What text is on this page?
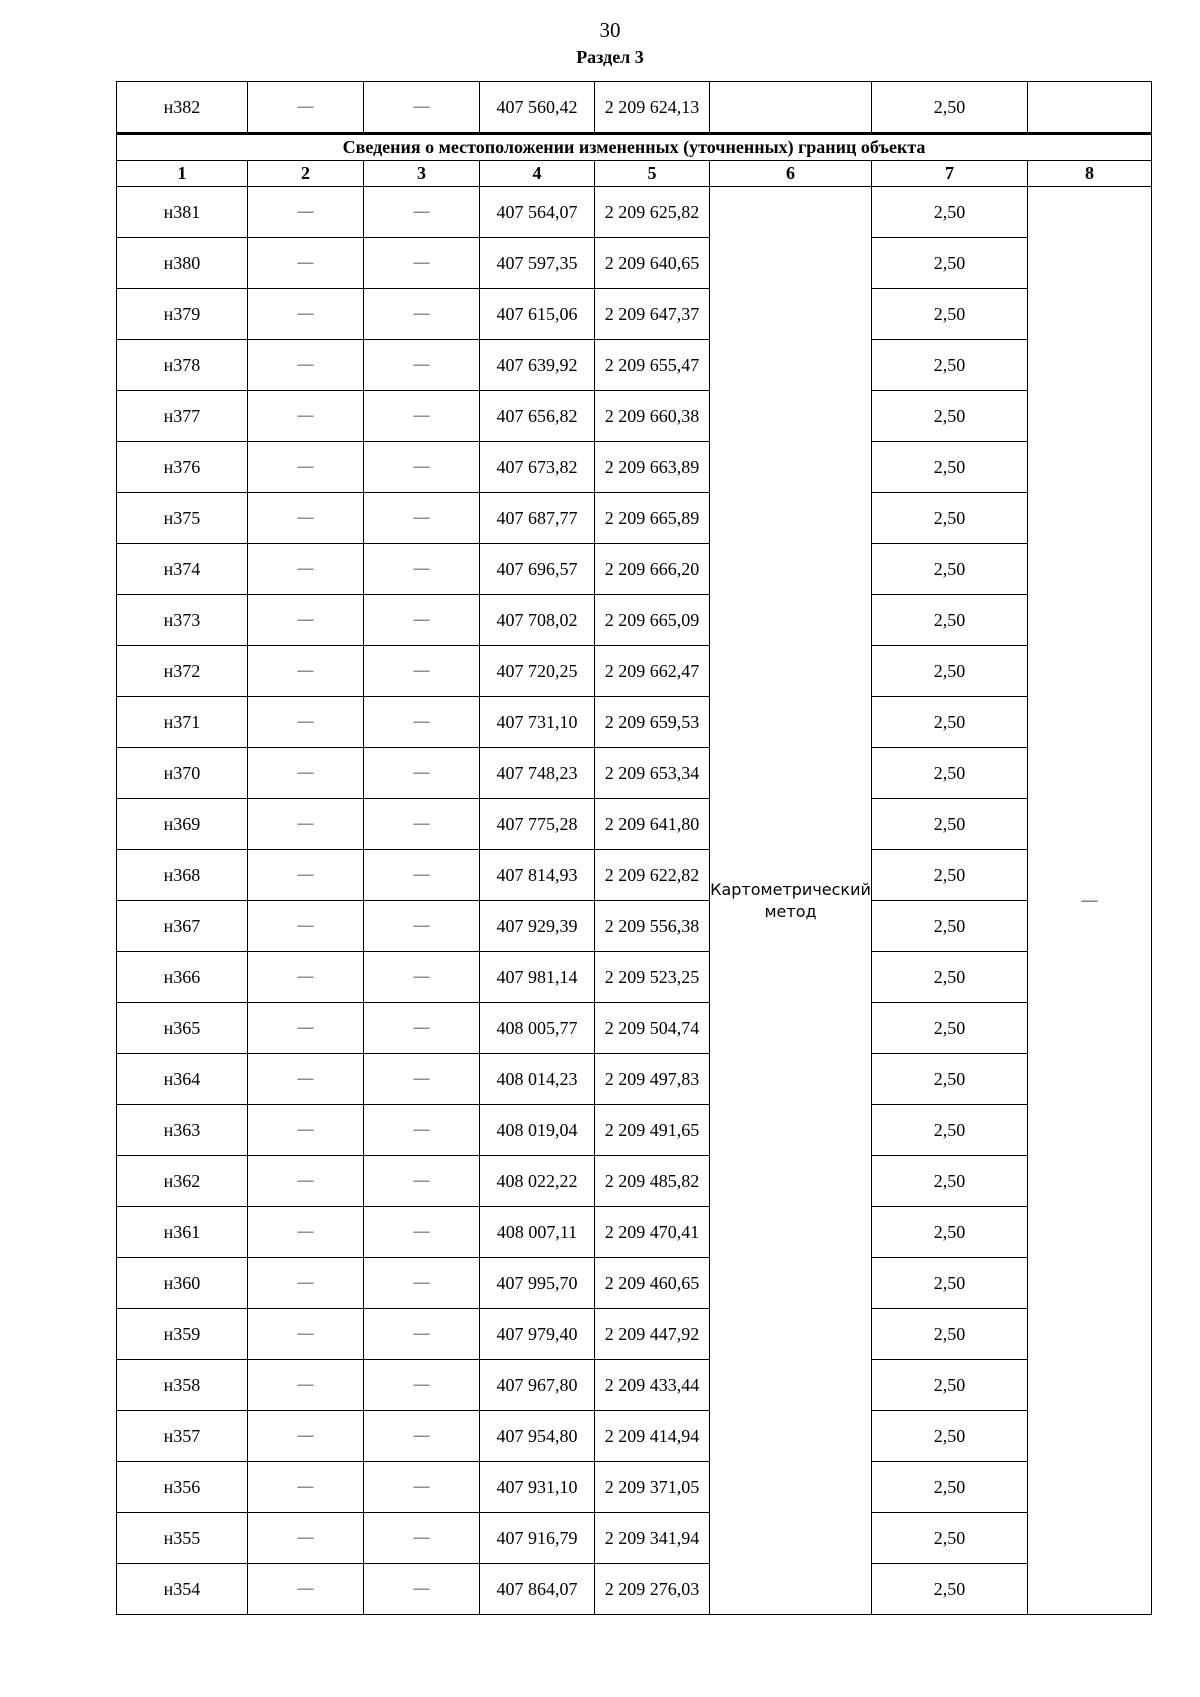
30
Раздел 3
н382	—	—	407 560,42	2 209 624,13		2,50	
Сведения о местоположении измененных (уточненных) границ объекта							
1	2	3	4	5	6	7	8
н381	—	—	407 564,07	2 209 625,82	Картометрический метод	2,50	—
н380	—	—	407 597,35	2 209 640,65		2,50	
н379	—	—	407 615,06	2 209 647,37		2,50	
н378	—	—	407 639,92	2 209 655,47		2,50	
н377	—	—	407 656,82	2 209 660,38		2,50	
н376	—	—	407 673,82	2 209 663,89		2,50	
н375	—	—	407 687,77	2 209 665,89		2,50	
н374	—	—	407 696,57	2 209 666,20		2,50	
н373	—	—	407 708,02	2 209 665,09		2,50	
н372	—	—	407 720,25	2 209 662,47		2,50	
н371	—	—	407 731,10	2 209 659,53		2,50	
н370	—	—	407 748,23	2 209 653,34		2,50	
н369	—	—	407 775,28	2 209 641,80		2,50	
н368	—	—	407 814,93	2 209 622,82		2,50	
н367	—	—	407 929,39	2 209 556,38		2,50	
н366	—	—	407 981,14	2 209 523,25		2,50	
н365	—	—	408 005,77	2 209 504,74		2,50	
н364	—	—	408 014,23	2 209 497,83		2,50	
н363	—	—	408 019,04	2 209 491,65		2,50	
н362	—	—	408 022,22	2 209 485,82		2,50	
н361	—	—	408 007,11	2 209 470,41		2,50	
н360	—	—	407 995,70	2 209 460,65		2,50	
н359	—	—	407 979,40	2 209 447,92		2,50	
н358	—	—	407 967,80	2 209 433,44		2,50	
н357	—	—	407 954,80	2 209 414,94		2,50	
н356	—	—	407 931,10	2 209 371,05		2,50	
н355	—	—	407 916,79	2 209 341,94		2,50	
н354	—	—	407 864,07	2 209 276,03		2,50	
